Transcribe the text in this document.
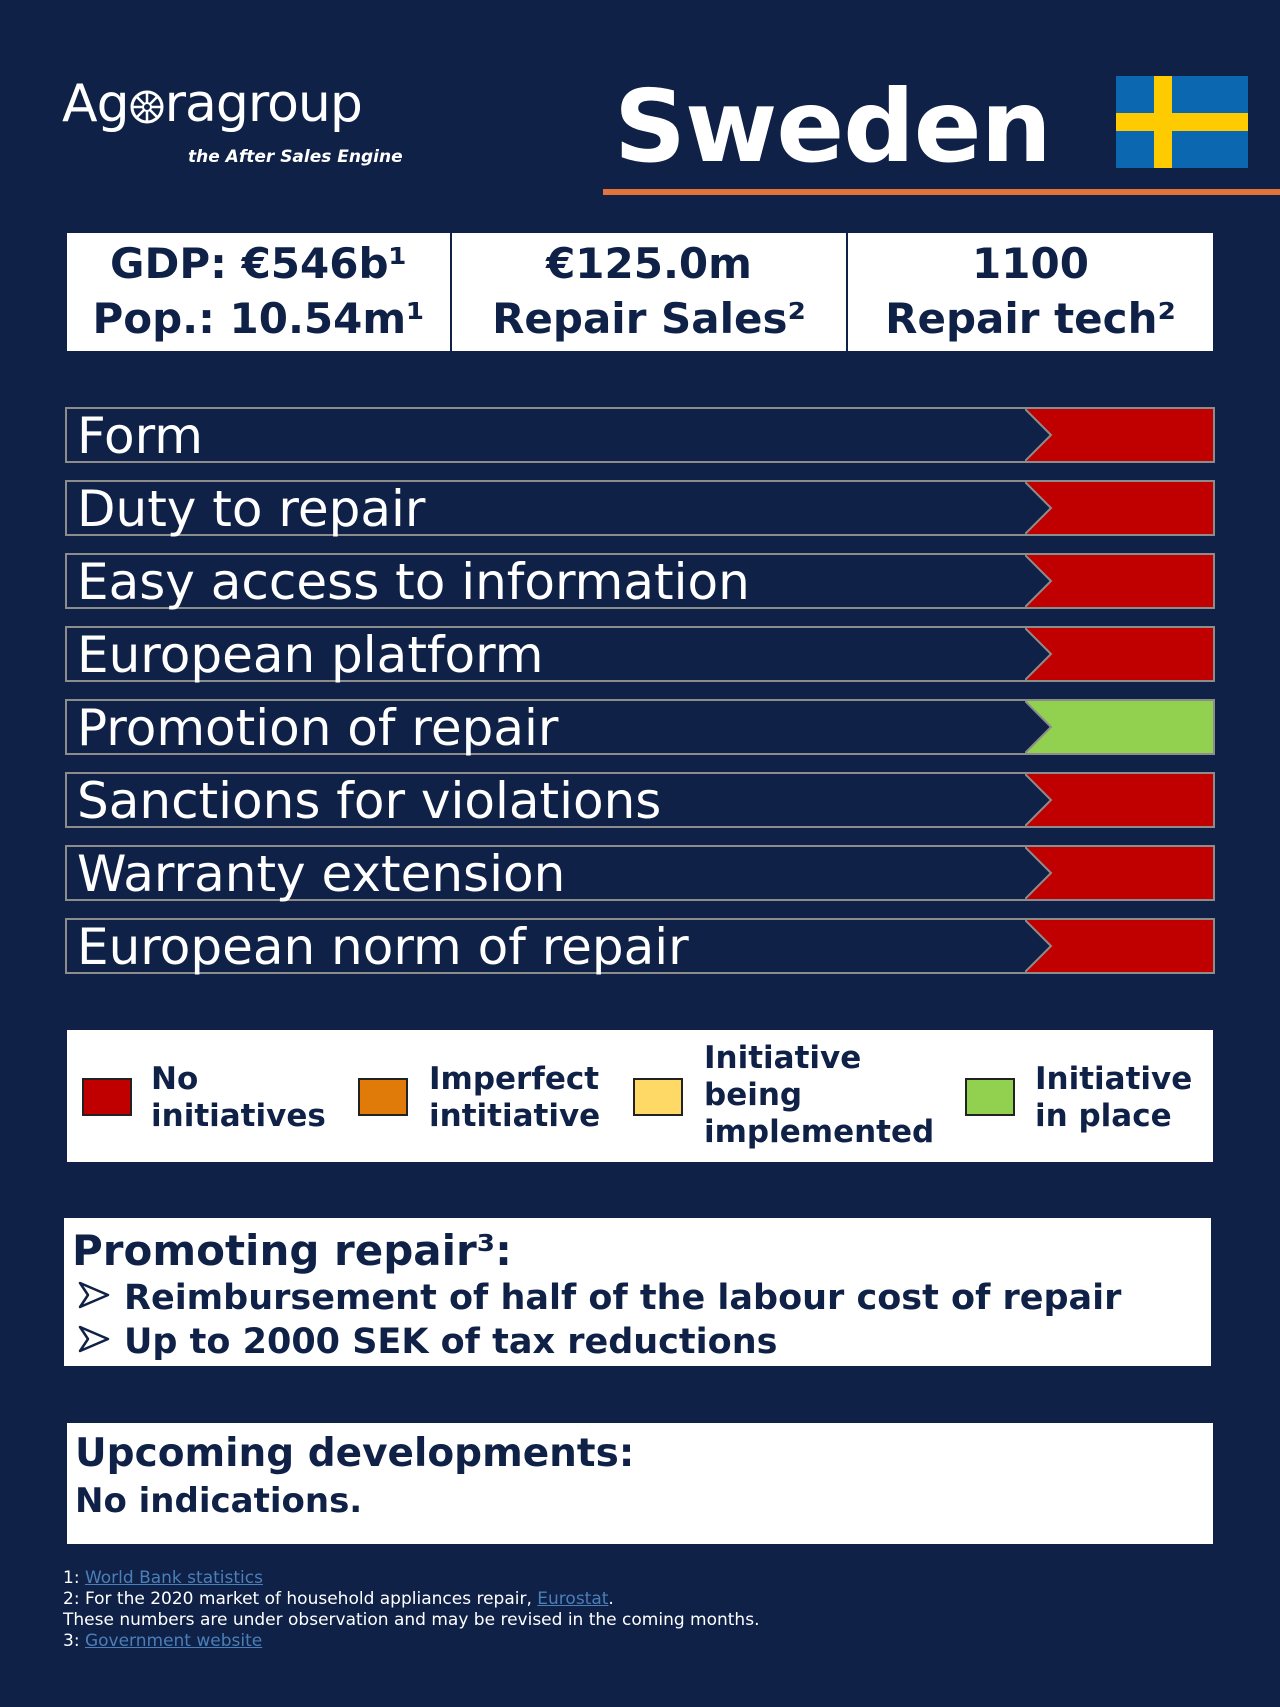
Ag ragroup
the After Sales Engine Sweden
GDP: €546b¹
Pop.: 10.54m¹
€125.0m
Repair Sales²
1100
Repair tech²
Form
Duty to repair
Easy access to information
European platform
Promotion of repair
Sanctions for violations
Warranty extension
European norm of repair
No
initiatives
Imperfect
intitiative
Initiative
being
implemented
Initiative
in place
Promoting repair³:
Reimbursement of half of the labour cost of repair
Up to 2000 SEK of tax reductions
Upcoming developments:
No indications.
1: World Bank statistics
2: For the 2020 market of household appliances repair, Eurostat.
These numbers are under observation and may be revised in the coming months.
3: Government website
